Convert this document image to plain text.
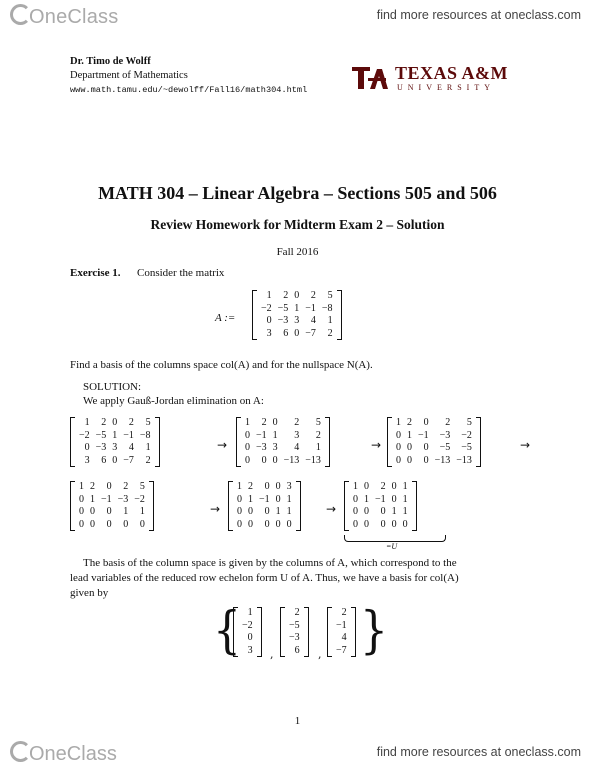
OneClass	find more resources at oneclass.com
OneClass	find more resources at oneclass.com
Dr. Timo de Wolff
Department of Mathematics
www.math.tamu.edu/~dewolff/Fall16/math304.html
TEXAS A&M
UNIVERSITY
MATH 304 – Linear Algebra – Sections 505 and 506
Review Homework for Midterm Exam 2 – Solution
Fall 2016
Exercise 1. Consider the matrix
A :=
1	2 0	2	5
−2 −5 1 −1 −8
0 −3 3	4	1
3	6 0 −7	2
Find a basis of the columns space col(A) and for the nullspace N(A).
SOLUTION:
We apply Gauß-Jordan elimination on A:
1	2 0	2	5
−2 −5 1 −1 −8
0 −3 3	4	1
3	6 0 −7	2
→
1	2 0	2	5
0 −1 1	3	2
0 −3 3	4	1
0	0 0 −13 −13
→
1 2	0	2	5
0 1 −1	−3	−2
0 0	0	−5	−5
0 0	0 −13 −13
→
1 2	0	2	5
0 1 −1 −3 −2
0 0	0	1	1
0 0	0	0	0
→
1 2	0 0 3
0 1 −1 0 1
0 0	0 1 1
0 0	0 0 0
→
1 0	2 0 1
0 1 −1 0 1
0 0	0 1 1
0 0	0 0 0
=U
The basis of the column space is given by the columns of A, which correspond to the
lead variables of the reduced row echelon form U of A. Thus, we have a basis for col(A)
given by
{ 1
−2
0
3 ,
2
−5
−3
6 ,
2
−1
4
−7 }
1
